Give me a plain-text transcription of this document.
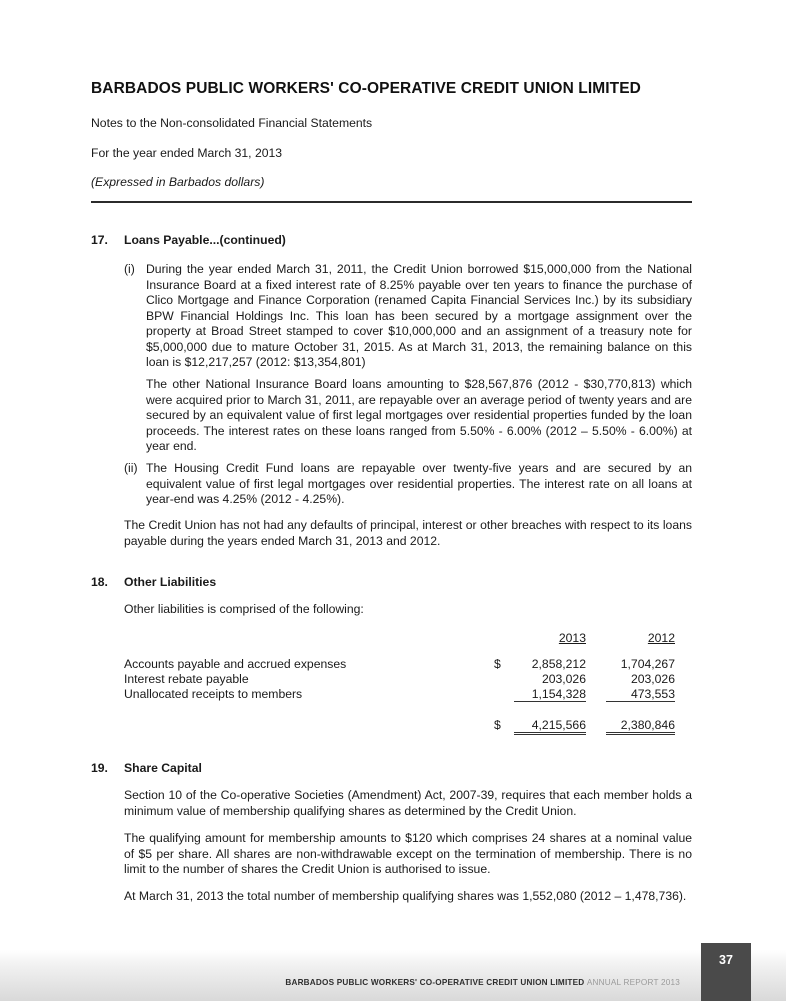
BARBADOS PUBLIC WORKERS' CO-OPERATIVE CREDIT UNION LIMITED
Notes to the Non-consolidated Financial Statements
For the year ended March 31, 2013
(Expressed in Barbados dollars)
17. Loans Payable...(continued)
(i) During the year ended March 31, 2011, the Credit Union borrowed $15,000,000 from the National Insurance Board at a fixed interest rate of 8.25% payable over ten years to finance the purchase of Clico Mortgage and Finance Corporation (renamed Capita Financial Services Inc.) by its subsidiary BPW Financial Holdings Inc. This loan has been secured by a mortgage assignment over the property at Broad Street stamped to cover $10,000,000 and an assignment of a treasury note for $5,000,000 due to mature October 31, 2015. As at March 31, 2013, the remaining balance on this loan is $12,217,257 (2012: $13,354,801)
The other National Insurance Board loans amounting to $28,567,876 (2012 - $30,770,813) which were acquired prior to March 31, 2011, are repayable over an average period of twenty years and are secured by an equivalent value of first legal mortgages over residential properties funded by the loan proceeds. The interest rates on these loans ranged from 5.50% - 6.00% (2012 – 5.50% - 6.00%) at year end.
(ii) The Housing Credit Fund loans are repayable over twenty-five years and are secured by an equivalent value of first legal mortgages over residential properties. The interest rate on all loans at year-end was 4.25% (2012 - 4.25%).
The Credit Union has not had any defaults of principal, interest or other breaches with respect to its loans payable during the years ended March 31, 2013 and 2012.
18. Other Liabilities
Other liabilities is comprised of the following:
2013	2012
Accounts payable and accrued expenses	$	2,858,212	1,704,267
Interest rebate payable	203,026	203,026
Unallocated receipts to members	1,154,328	473,553
$	4,215,566	2,380,846
19. Share Capital
Section 10 of the Co-operative Societies (Amendment) Act, 2007-39, requires that each member holds a minimum value of membership qualifying shares as determined by the Credit Union.
The qualifying amount for membership amounts to $120 which comprises 24 shares at a nominal value of $5 per share. All shares are non-withdrawable except on the termination of membership. There is no limit to the number of shares the Credit Union is authorised to issue.
At March 31, 2013 the total number of membership qualifying shares was 1,552,080 (2012 – 1,478,736).
BARBADOS PUBLIC WORKERS' CO-OPERATIVE CREDIT UNION LIMITED ANNUAL REPORT 2013
37
